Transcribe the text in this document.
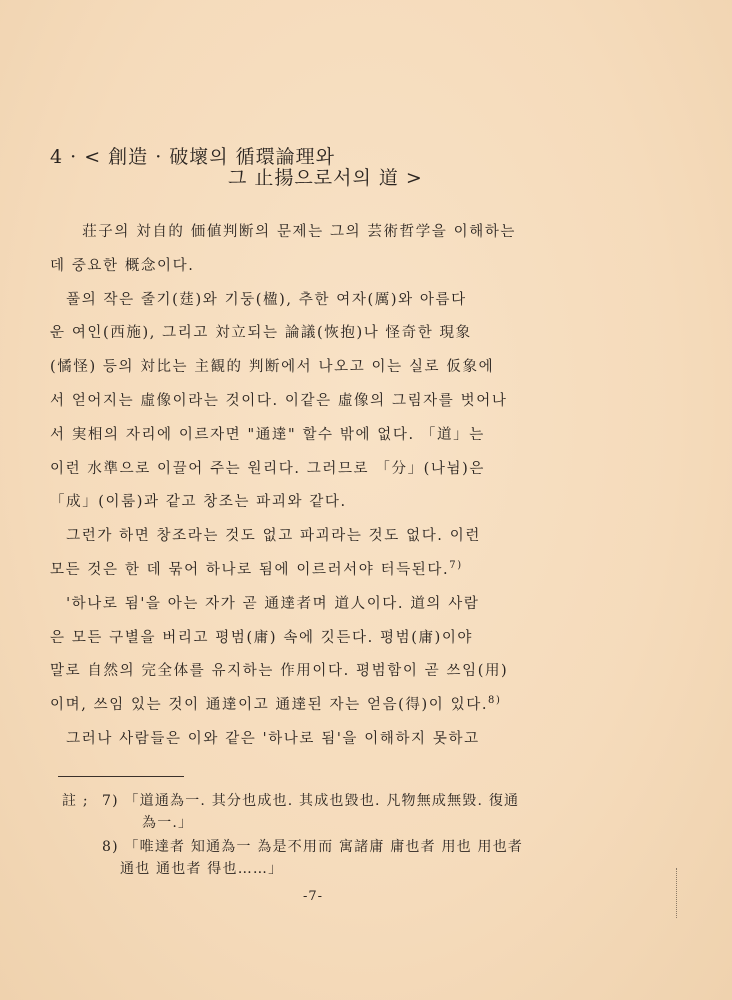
4 · < 創造 · 破壞의 循環論理와
그 止揚으로서의 道 >
　　荘子의 対自的 価値判断의 문제는 그의 芸術哲学을 이해하는
데 중요한 概念이다.
　풀의 작은 줄기(莛)와 기둥(楹), 추한 여자(厲)와 아름다
운 여인(西施), 그리고 対立되는 論議(恢抱)나 怪奇한 現象
(憰怪) 등의 対比는 主観的 判断에서 나오고 이는 실로 仮象에
서 얻어지는 虛像이라는 것이다. 이같은 虛像의 그림자를 벗어나
서 実相의 자리에 이르자면 "通達" 할수 밖에 없다. 「道」는
이런 水準으로 이끌어 주는 원리다. 그러므로 「分」(나뉨)은
「成」(이룸)과 같고 창조는 파괴와 같다.
　그런가 하면 창조라는 것도 없고 파괴라는 것도 없다. 이런
모든 것은 한 데 묶어 하나로 됨에 이르러서야 터득된다.$^{7)}$
　'하나로 됨'을 아는 자가 곧 通達者며 道人이다. 道의 사람
은 모든 구별을 버리고 평범(庸) 속에 깃든다. 평범(庸)이야
말로 自然의 完全体를 유지하는 作用이다. 평범함이 곧 쓰임(用)
이며, 쓰임 있는 것이 通達이고 通達된 자는 얻음(得)이 있다.$^{8)}$
　그러나 사람들은 이와 같은 '하나로 됨'을 이해하지 못하고
註 ; 7) 「道通為一. 其分也成也. 其成也毀也. 凡物無成無毀. 復通
為一.」
8) 「唯達者 知通為一 為是不用而 寓諸庸 庸也者 用也 用也者
通也 通也者 得也……」
-7-
